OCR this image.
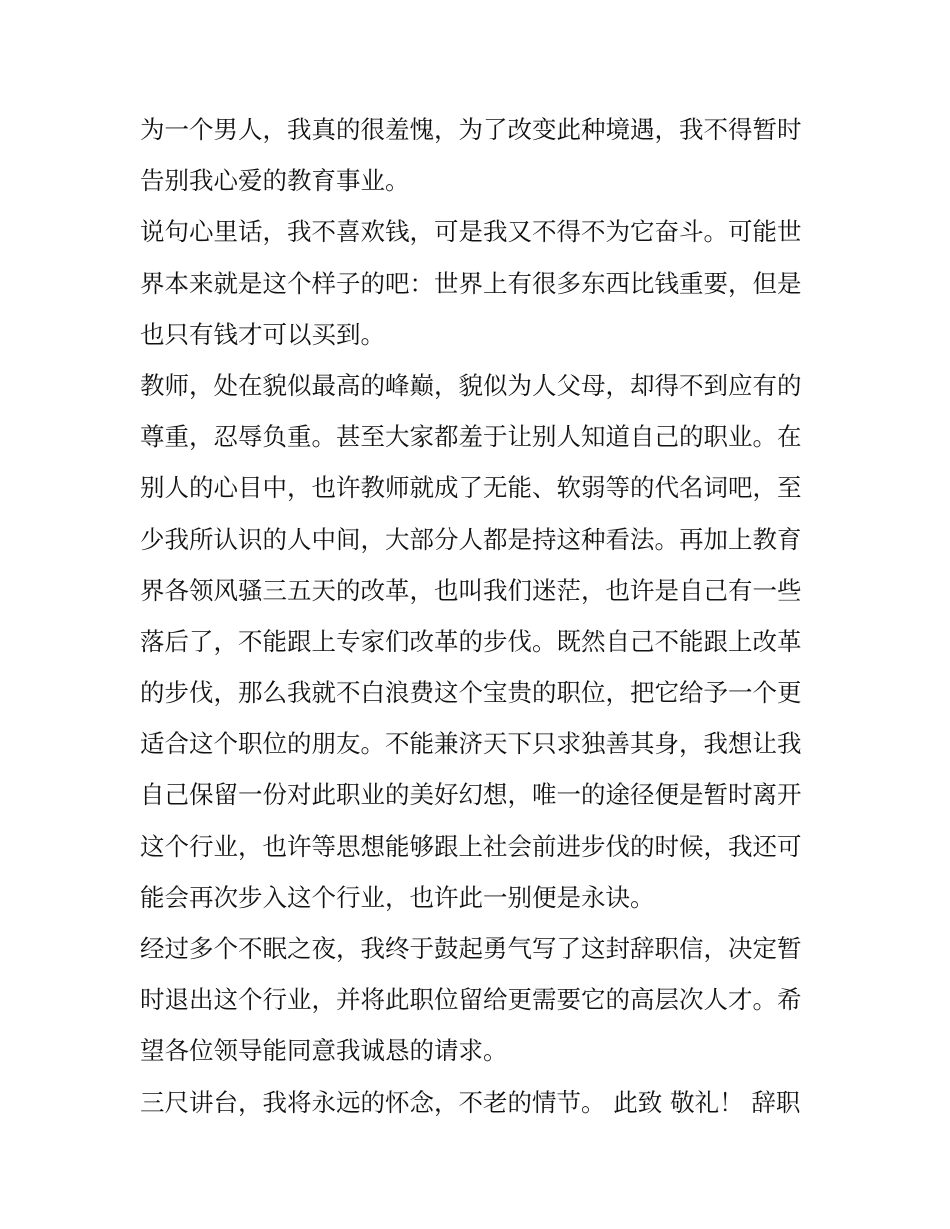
为一个男人，我真的很羞愧，为了改变此种境遇，我不得暂时
告别我心爱的教育事业。
说句心里话，我不喜欢钱，可是我又不得不为它奋斗。可能世
界本来就是这个样子的吧：世界上有很多东西比钱重要，但是
也只有钱才可以买到。
教师，处在貌似最高的峰巅，貌似为人父母，却得不到应有的
尊重，忍辱负重。甚至大家都羞于让别人知道自己的职业。在
别人的心目中，也许教师就成了无能、软弱等的代名词吧，至
少我所认识的人中间，大部分人都是持这种看法。再加上教育
界各领风骚三五天的改革，也叫我们迷茫，也许是自己有一些
落后了，不能跟上专家们改革的步伐。既然自己不能跟上改革
的步伐，那么我就不白浪费这个宝贵的职位，把它给予一个更
适合这个职位的朋友。不能兼济天下只求独善其身，我想让我
自己保留一份对此职业的美好幻想，唯一的途径便是暂时离开
这个行业，也许等思想能够跟上社会前进步伐的时候，我还可
能会再次步入这个行业，也许此一别便是永诀。
经过多个不眠之夜，我终于鼓起勇气写了这封辞职信，决定暂
时退出这个行业，并将此职位留给更需要它的高层次人才。希
望各位领导能同意我诚恳的请求。
三尺讲台，我将永远的怀念，不老的情节。 此致 敬礼！ 辞职
